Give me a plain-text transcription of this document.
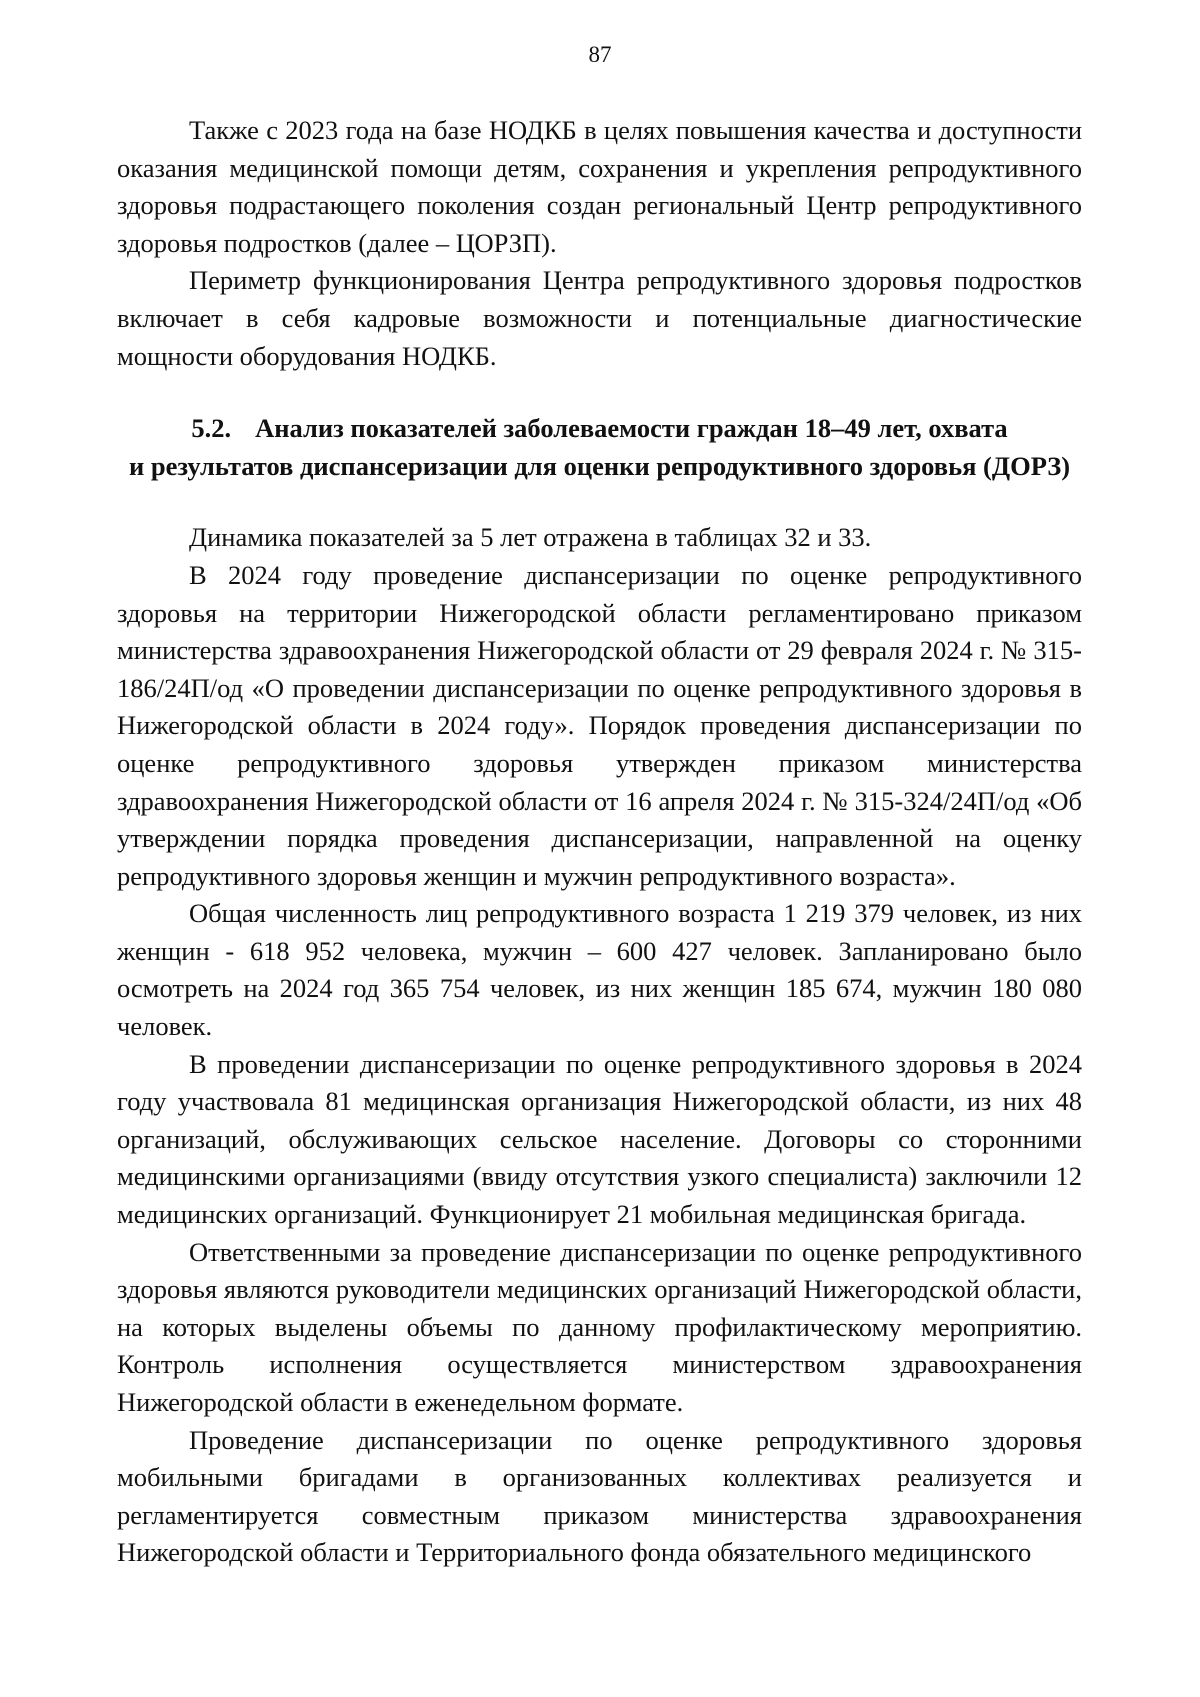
87

Также с 2023 года на базе НОДКБ в целях повышения качества и доступности оказания медицинской помощи детям, сохранения и укрепления репродуктивного здоровья подрастающего поколения создан региональный Центр репродуктивного здоровья подростков (далее – ЦОРЗП).

Периметр функционирования Центра репродуктивного здоровья подростков включает в себя кадровые возможности и потенциальные диагностические мощности оборудования НОДКБ.

5.2. Анализ показателей заболеваемости граждан 18–49 лет, охвата
и результатов диспансеризации для оценки репродуктивного здоровья (ДОРЗ)

Динамика показателей за 5 лет отражена в таблицах 32 и 33.

В 2024 году проведение диспансеризации по оценке репродуктивного здоровья на территории Нижегородской области регламентировано приказом министерства здравоохранения Нижегородской области от 29 февраля 2024 г. № 315-186/24П/од «О проведении диспансеризации по оценке репродуктивного здоровья в Нижегородской области в 2024 году». Порядок проведения диспансеризации по оценке репродуктивного здоровья утвержден приказом министерства здравоохранения Нижегородской области от 16 апреля 2024 г. № 315-324/24П/од «Об утверждении порядка проведения диспансеризации, направленной на оценку репродуктивного здоровья женщин и мужчин репродуктивного возраста».

Общая численность лиц репродуктивного возраста 1 219 379 человек, из них женщин - 618 952 человека, мужчин – 600 427 человек. Запланировано было осмотреть на 2024 год 365 754 человек, из них женщин 185 674, мужчин 180 080 человек.

В проведении диспансеризации по оценке репродуктивного здоровья в 2024 году участвовала 81 медицинская организация Нижегородской области, из них 48 организаций, обслуживающих сельское население. Договоры со сторонними медицинскими организациями (ввиду отсутствия узкого специалиста) заключили 12 медицинских организаций. Функционирует 21 мобильная медицинская бригада.

Ответственными за проведение диспансеризации по оценке репродуктивного здоровья являются руководители медицинских организаций Нижегородской области, на которых выделены объемы по данному профилактическому мероприятию. Контроль исполнения осуществляется министерством здравоохранения Нижегородской области в еженедельном формате.

Проведение диспансеризации по оценке репродуктивного здоровья мобильными бригадами в организованных коллективах реализуется и регламентируется совместным приказом министерства здравоохранения Нижегородской области и Территориального фонда обязательного медицинского
